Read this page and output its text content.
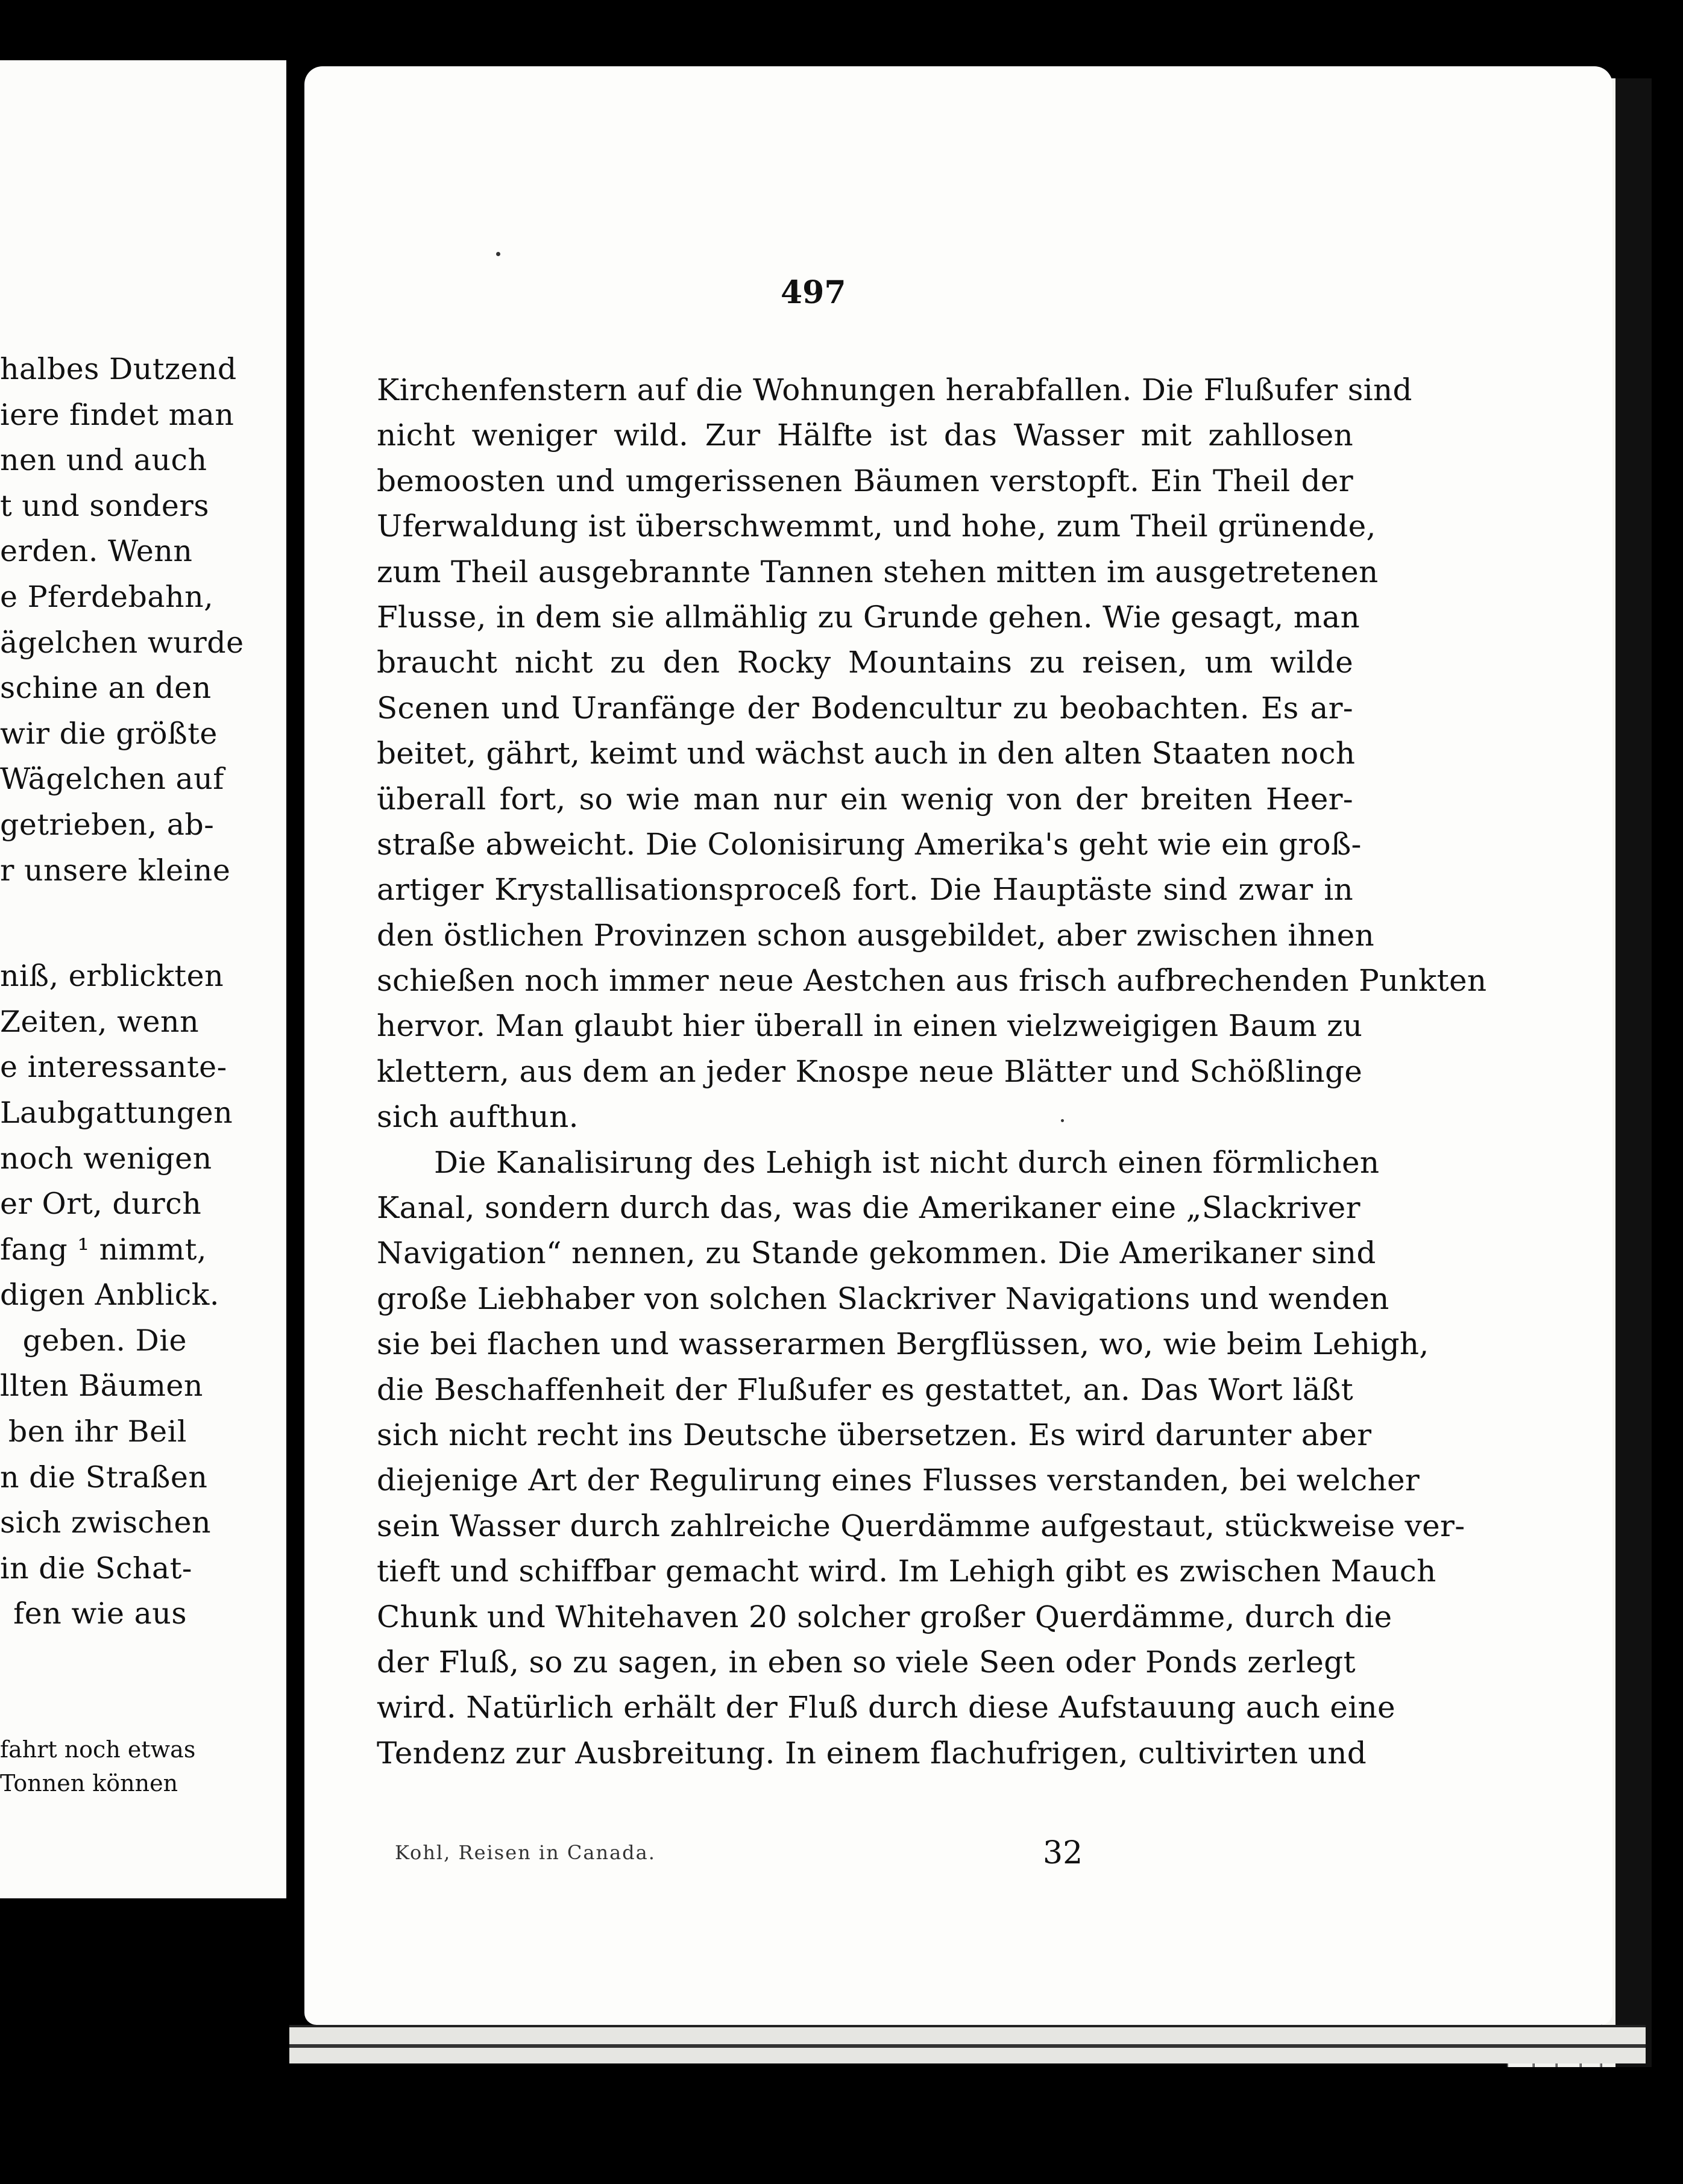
halbes Dutzend
iere findet man
nen und auch
t und sonders
erden. Wenn
e Pferdebahn,
ägelchen wurde
schine an den
wir die größte
Wägelchen auf
getrieben, ab-
r unsere kleine
niß, erblickten
Zeiten, wenn
e interessante-
Laubgattungen
noch wenigen
er Ort, durch
fang ¹ nimmt,
digen Anblick.
geben. Die
llten Bäumen
ben ihr Beil
n die Straßen
sich zwischen
in die Schat-
fen wie aus
fahrt noch etwas
Tonnen können
497
Kirchenfenstern auf die Wohnungen herabfallen. Die Flußufer sind
nicht weniger wild. Zur Hälfte ist das Wasser mit zahllosen
bemoosten und umgerissenen Bäumen verstopft. Ein Theil der
Uferwaldung ist überschwemmt, und hohe, zum Theil grünende,
zum Theil ausgebrannte Tannen stehen mitten im ausgetretenen
Flusse, in dem sie allmählig zu Grunde gehen. Wie gesagt, man
braucht nicht zu den Rocky Mountains zu reisen, um wilde
Scenen und Uranfänge der Bodencultur zu beobachten. Es ar-
beitet, gährt, keimt und wächst auch in den alten Staaten noch
überall fort, so wie man nur ein wenig von der breiten Heer-
straße abweicht. Die Colonisirung Amerika's geht wie ein groß-
artiger Krystallisationsproceß fort. Die Hauptäste sind zwar in
den östlichen Provinzen schon ausgebildet, aber zwischen ihnen
schießen noch immer neue Aestchen aus frisch aufbrechenden Punkten
hervor. Man glaubt hier überall in einen vielzweigigen Baum zu
klettern, aus dem an jeder Knospe neue Blätter und Schößlinge
sich aufthun.
Die Kanalisirung des Lehigh ist nicht durch einen förmlichen
Kanal, sondern durch das, was die Amerikaner eine „Slackriver
Navigation“ nennen, zu Stande gekommen. Die Amerikaner sind
große Liebhaber von solchen Slackriver Navigations und wenden
sie bei flachen und wasserarmen Bergflüssen, wo, wie beim Lehigh,
die Beschaffenheit der Flußufer es gestattet, an. Das Wort läßt
sich nicht recht ins Deutsche übersetzen. Es wird darunter aber
diejenige Art der Regulirung eines Flusses verstanden, bei welcher
sein Wasser durch zahlreiche Querdämme aufgestaut, stückweise ver-
tieft und schiffbar gemacht wird. Im Lehigh gibt es zwischen Mauch
Chunk und Whitehaven 20 solcher großer Querdämme, durch die
der Fluß, so zu sagen, in eben so viele Seen oder Ponds zerlegt
wird. Natürlich erhält der Fluß durch diese Aufstauung auch eine
Tendenz zur Ausbreitung. In einem flachufrigen, cultivirten und
Kohl, Reisen in Canada.	32
